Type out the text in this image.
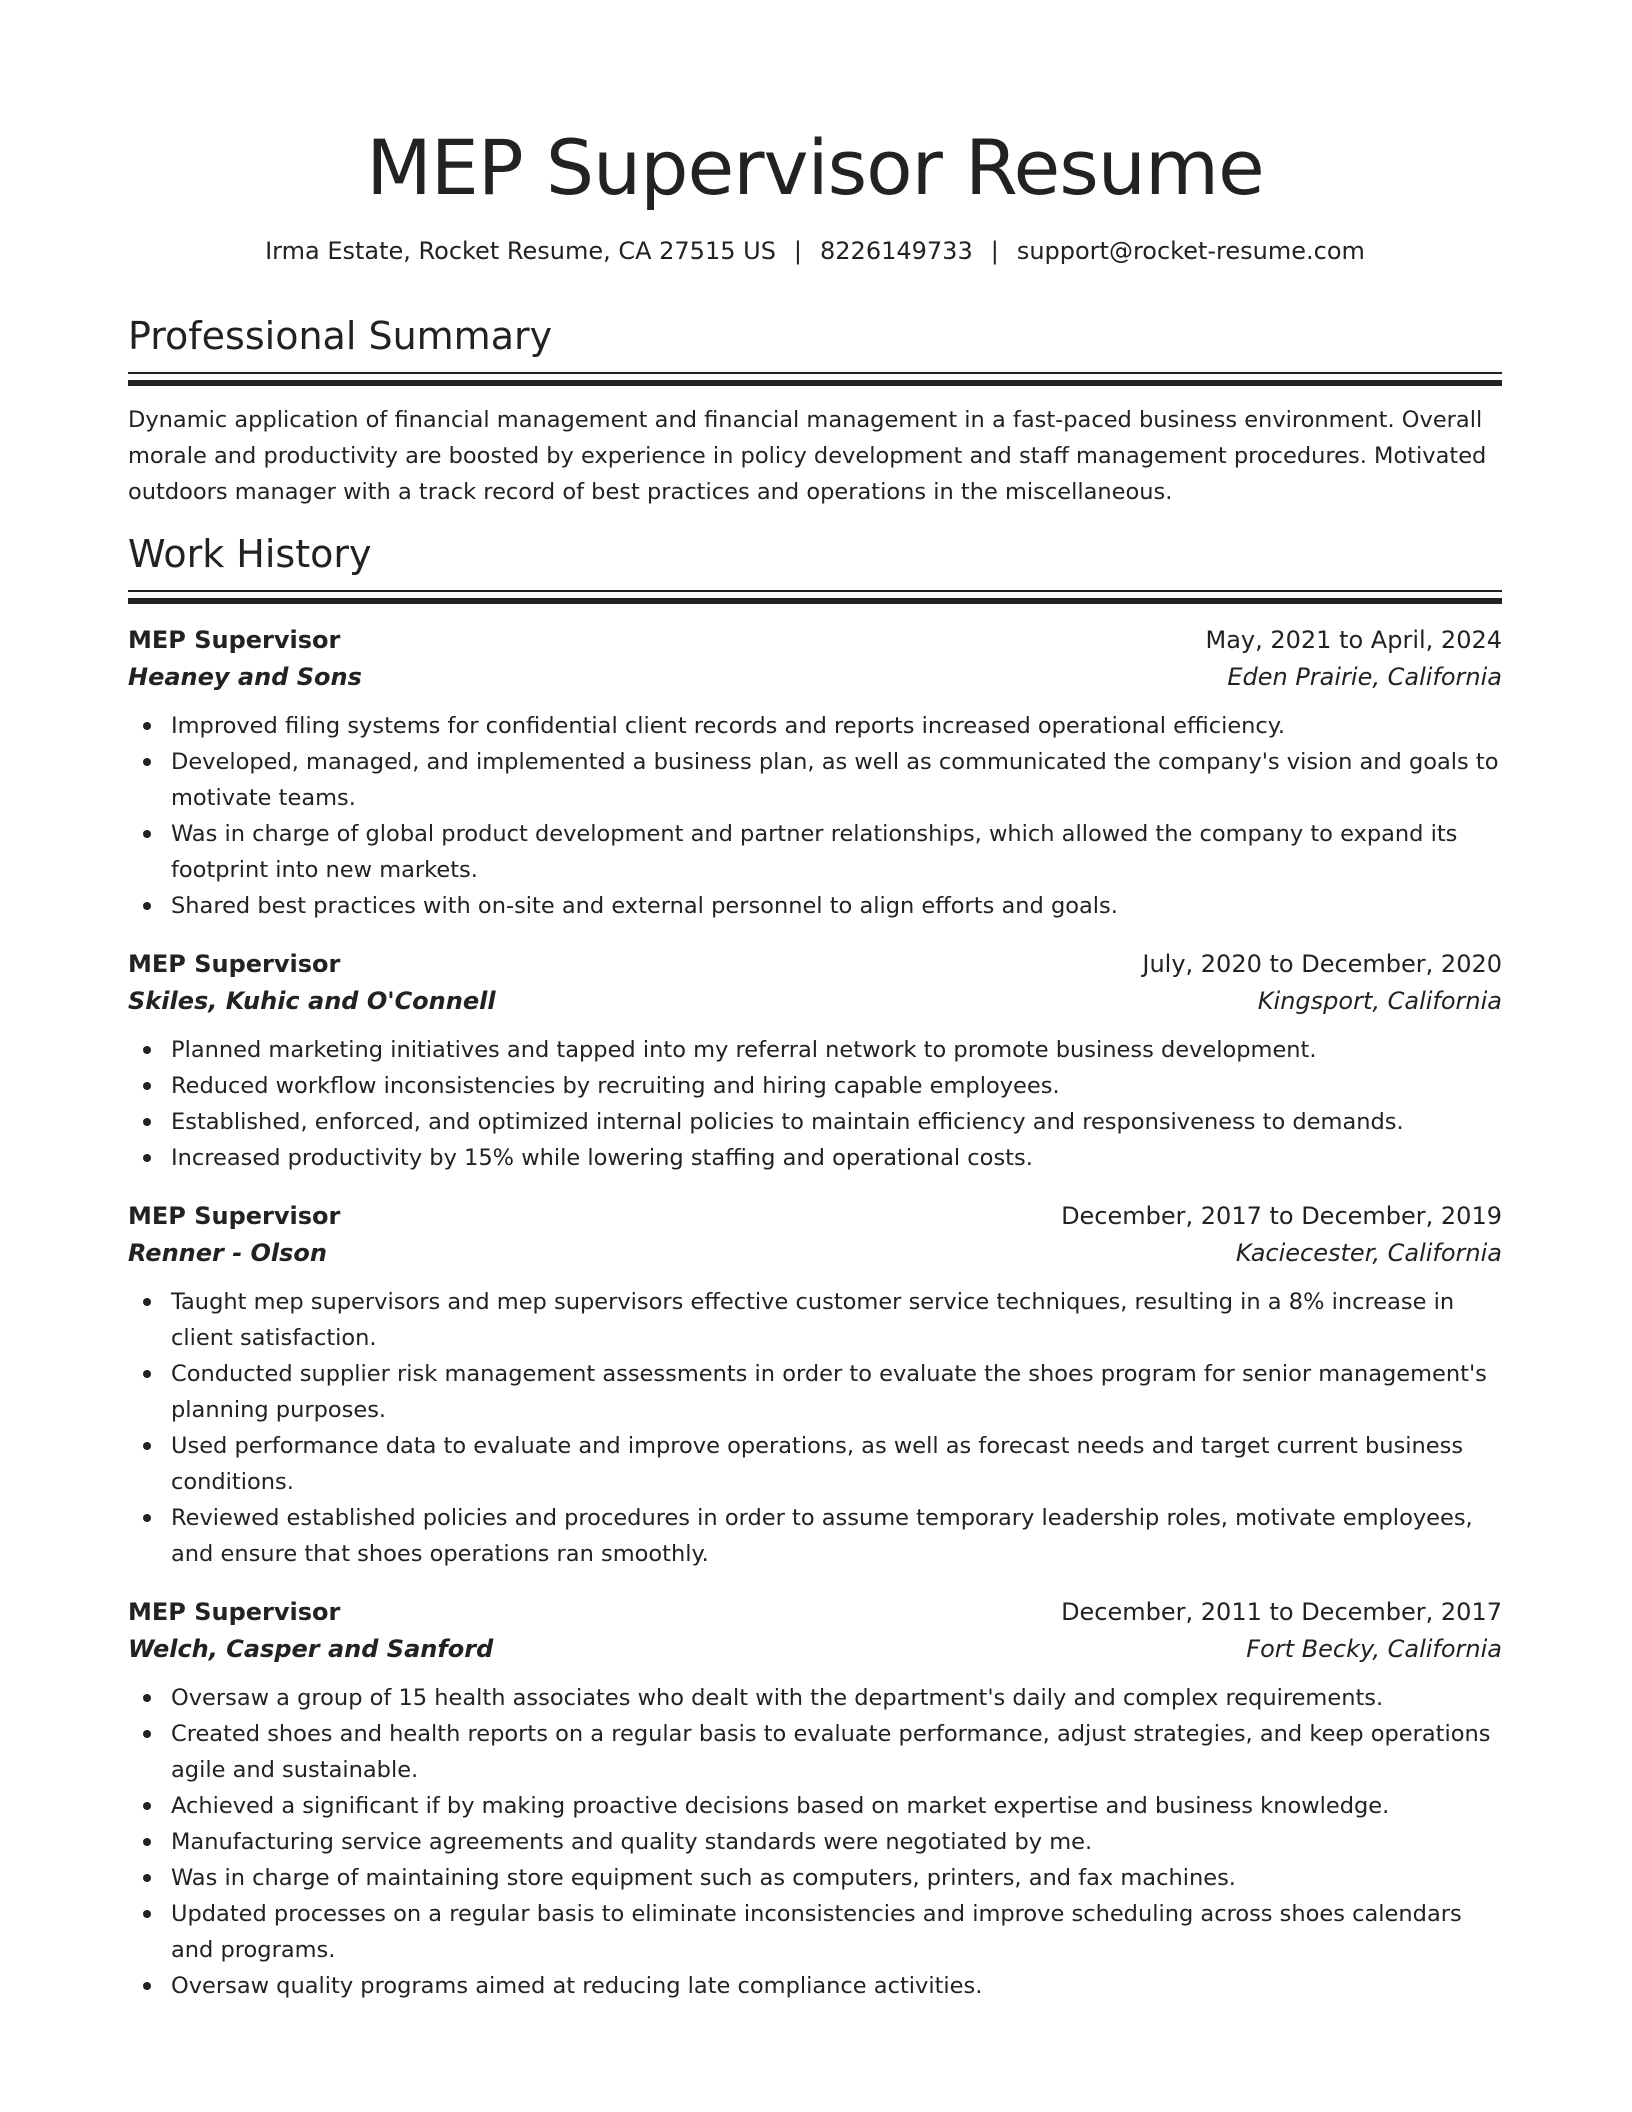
MEP Supervisor Resume
Irma Estate, Rocket Resume, CA 27515 US | 8226149733 | support@rocket-resume.com
Professional Summary

Dynamic application of financial management and financial management in a fast-paced business environment. Overall morale and productivity are boosted by experience in policy development and staff management procedures. Motivated outdoors manager with a track record of best practices and operations in the miscellaneous.

Work History
MEP Supervisor	May, 2021 to April, 2024
Heaney and Sons	Eden Prairie, California
Improved filing systems for confidential client records and reports increased operational efficiency.
Developed, managed, and implemented a business plan, as well as communicated the company's vision and goals to motivate teams.
Was in charge of global product development and partner relationships, which allowed the company to expand its footprint into new markets.
Shared best practices with on-site and external personnel to align efforts and goals.
MEP Supervisor	July, 2020 to December, 2020
Skiles, Kuhic and O'Connell	Kingsport, California
Planned marketing initiatives and tapped into my referral network to promote business development.
Reduced workflow inconsistencies by recruiting and hiring capable employees.
Established, enforced, and optimized internal policies to maintain efficiency and responsiveness to demands.
Increased productivity by 15% while lowering staffing and operational costs.
MEP Supervisor	December, 2017 to December, 2019
Renner - Olson	Kaciecester, California
Taught mep supervisors and mep supervisors effective customer service techniques, resulting in a 8% increase in client satisfaction.
Conducted supplier risk management assessments in order to evaluate the shoes program for senior management's planning purposes.
Used performance data to evaluate and improve operations, as well as forecast needs and target current business conditions.
Reviewed established policies and procedures in order to assume temporary leadership roles, motivate employees, and ensure that shoes operations ran smoothly.
MEP Supervisor	December, 2011 to December, 2017
Welch, Casper and Sanford	Fort Becky, California
Oversaw a group of 15 health associates who dealt with the department's daily and complex requirements.
Created shoes and health reports on a regular basis to evaluate performance, adjust strategies, and keep operations agile and sustainable.
Achieved a significant if by making proactive decisions based on market expertise and business knowledge.
Manufacturing service agreements and quality standards were negotiated by me.
Was in charge of maintaining store equipment such as computers, printers, and fax machines.
Updated processes on a regular basis to eliminate inconsistencies and improve scheduling across shoes calendars and programs.
Oversaw quality programs aimed at reducing late compliance activities.
